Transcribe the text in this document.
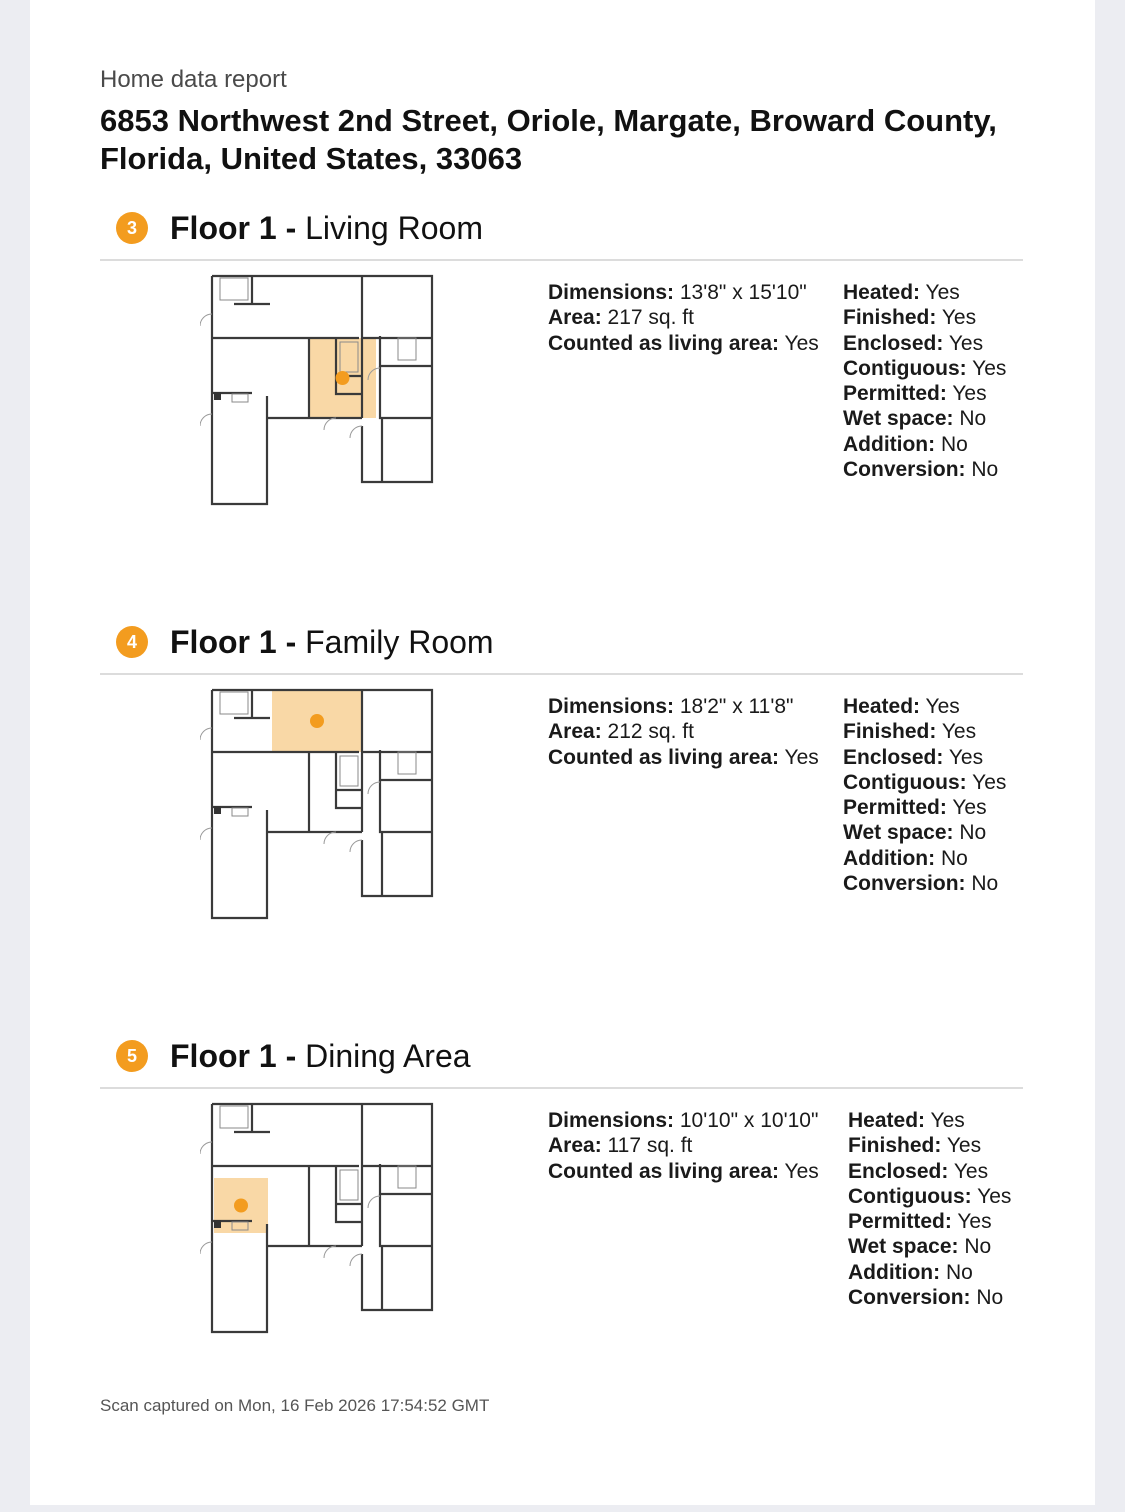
Home data report
6853 Northwest 2nd Street, Oriole, Margate, Broward County, Florida, United States, 33063
3	Floor 1 - Living Room
Dimensions: 13'8" x 15'10"
Area: 217 sq. ft
Counted as living area: Yes
Heated: Yes
Finished: Yes
Enclosed: Yes
Contiguous: Yes
Permitted: Yes
Wet space: No
Addition: No
Conversion: No
4	Floor 1 - Family Room
Dimensions: 18'2" x 11'8"
Area: 212 sq. ft
Counted as living area: Yes
Heated: Yes
Finished: Yes
Enclosed: Yes
Contiguous: Yes
Permitted: Yes
Wet space: No
Addition: No
Conversion: No
5	Floor 1 - Dining Area
Dimensions: 10'10" x 10'10"
Area: 117 sq. ft
Counted as living area: Yes
Heated: Yes
Finished: Yes
Enclosed: Yes
Contiguous: Yes
Permitted: Yes
Wet space: No
Addition: No
Conversion: No
Scan captured on Mon, 16 Feb 2026 17:54:52 GMT
